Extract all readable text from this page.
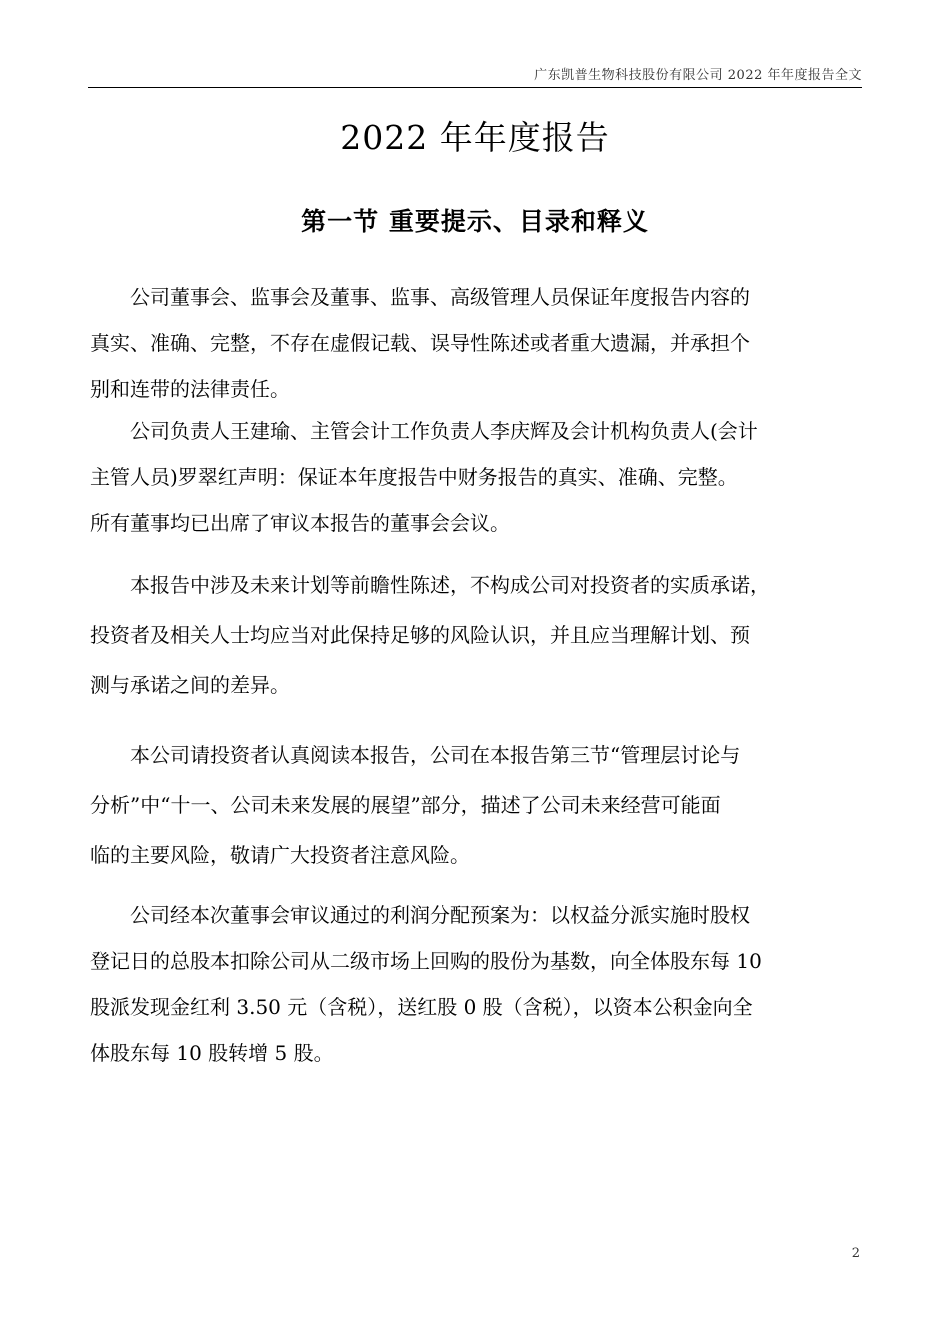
广东凯普生物科技股份有限公司 2022 年年度报告全文
2022 年年度报告
第一节 重要提示、目录和释义

　　公司董事会、监事会及董事、监事、高级管理人员保证年度报告内容的
真实、准确、完整，不存在虚假记载、误导性陈述或者重大遗漏，并承担个
别和连带的法律责任。

　　公司负责人王建瑜、主管会计工作负责人李庆辉及会计机构负责人(会计
主管人员)罗翠红声明：保证本年度报告中财务报告的真实、准确、完整。
所有董事均已出席了审议本报告的董事会会议。

　　本报告中涉及未来计划等前瞻性陈述，不构成公司对投资者的实质承诺，
投资者及相关人士均应当对此保持足够的风险认识，并且应当理解计划、预
测与承诺之间的差异。

　　本公司请投资者认真阅读本报告，公司在本报告第三节“管理层讨论与
分析”中“十一、公司未来发展的展望”部分，描述了公司未来经营可能面
临的主要风险，敬请广大投资者注意风险。

　　公司经本次董事会审议通过的利润分配预案为：以权益分派实施时股权
登记日的总股本扣除公司从二级市场上回购的股份为基数，向全体股东每 10
股派发现金红利 3.50 元（含税），送红股 0 股（含税），以资本公积金向全
体股东每 10 股转增 5 股。

2
